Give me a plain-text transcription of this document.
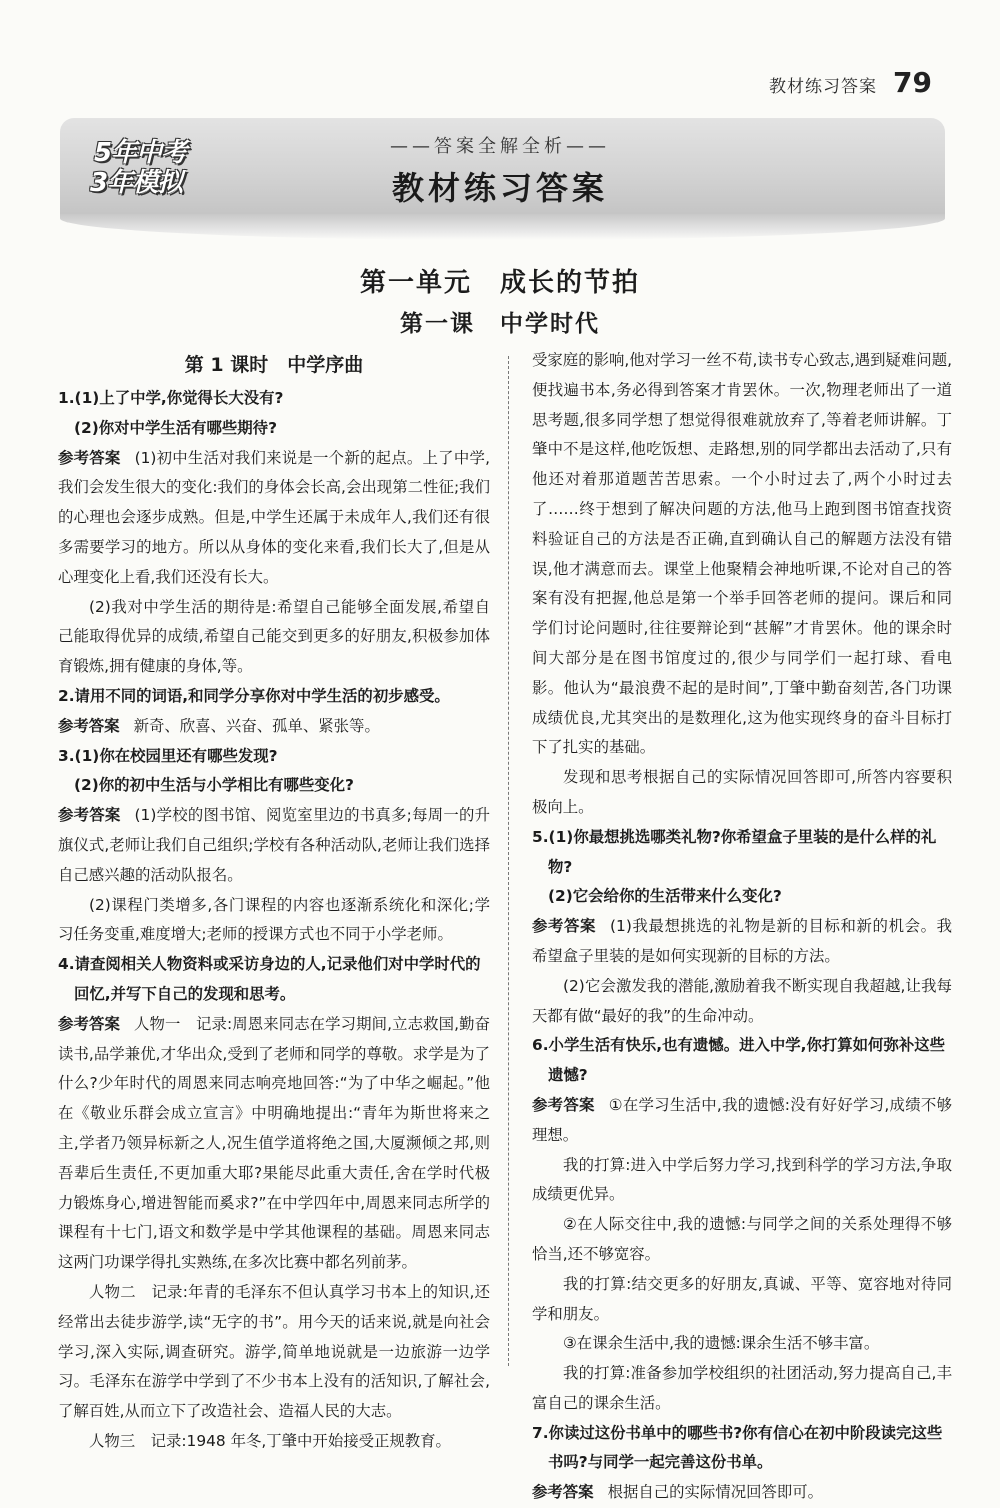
教材练习答案 79
5年中考
3年模拟
——答案全解全析——
教材练习答案
第一单元　成长的节拍
第一课　中学时代
第 1 课时　中学序曲
1.(1)上了中学,你觉得长大没有?
(2)你对中学生活有哪些期待?
参考答案 (1)初中生活对我们来说是一个新的起点。上了中学,我们会发生很大的变化:我们的身体会长高,会出现第二性征;我们的心理也会逐步成熟。但是,中学生还属于未成年人,我们还有很多需要学习的地方。所以从身体的变化来看,我们长大了,但是从心理变化上看,我们还没有长大。
(2)我对中学生活的期待是:希望自己能够全面发展,希望自己能取得优异的成绩,希望自己能交到更多的好朋友,积极参加体育锻炼,拥有健康的身体,等。
2.请用不同的词语,和同学分享你对中学生活的初步感受。
参考答案 新奇、欣喜、兴奋、孤单、紧张等。
3.(1)你在校园里还有哪些发现?
(2)你的初中生活与小学相比有哪些变化?
参考答案 (1)学校的图书馆、阅览室里边的书真多;每周一的升旗仪式,老师让我们自己组织;学校有各种活动队,老师让我们选择自己感兴趣的活动队报名。
(2)课程门类增多,各门课程的内容也逐渐系统化和深化;学习任务变重,难度增大;老师的授课方式也不同于小学老师。
4.请查阅相关人物资料或采访身边的人,记录他们对中学时代的回忆,并写下自己的发现和思考。
参考答案 人物一　记录:周恩来同志在学习期间,立志救国,勤奋读书,品学兼优,才华出众,受到了老师和同学的尊敬。求学是为了什么?少年时代的周恩来同志响亮地回答:“为了中华之崛起。”他在《敬业乐群会成立宣言》中明确地提出:“青年为斯世将来之主,学者乃领异标新之人,况生值学道将绝之国,大厦濒倾之邦,则吾辈后生责任,不更加重大耶?果能尽此重大责任,舍在学时代极力锻炼身心,增进智能而奚求?”在中学四年中,周恩来同志所学的课程有十七门,语文和数学是中学其他课程的基础。周恩来同志这两门功课学得扎实熟练,在多次比赛中都名列前茅。
人物二　记录:年青的毛泽东不但认真学习书本上的知识,还经常出去徒步游学,读“无字的书”。用今天的话来说,就是向社会学习,深入实际,调查研究。游学,简单地说就是一边旅游一边学习。毛泽东在游学中学到了不少书本上没有的活知识,了解社会,了解百姓,从而立下了改造社会、造福人民的大志。
人物三　记录:1948 年冬,丁肇中开始接受正规教育。
受家庭的影响,他对学习一丝不苟,读书专心致志,遇到疑难问题,便找遍书本,务必得到答案才肯罢休。一次,物理老师出了一道思考题,很多同学想了想觉得很难就放弃了,等着老师讲解。丁肇中不是这样,他吃饭想、走路想,别的同学都出去活动了,只有他还对着那道题苦苦思索。一个小时过去了,两个小时过去了……终于想到了解决问题的方法,他马上跑到图书馆查找资料验证自己的方法是否正确,直到确认自己的解题方法没有错误,他才满意而去。课堂上他聚精会神地听课,不论对自己的答案有没有把握,他总是第一个举手回答老师的提问。课后和同学们讨论问题时,往往要辩论到“甚解”才肯罢休。他的课余时间大部分是在图书馆度过的,很少与同学们一起打球、看电影。他认为“最浪费不起的是时间”,丁肇中勤奋刻苦,各门功课成绩优良,尤其突出的是数理化,这为他实现终身的奋斗目标打下了扎实的基础。
发现和思考根据自己的实际情况回答即可,所答内容要积极向上。
5.(1)你最想挑选哪类礼物?你希望盒子里装的是什么样的礼物?
(2)它会给你的生活带来什么变化?
参考答案 (1)我最想挑选的礼物是新的目标和新的机会。我希望盒子里装的是如何实现新的目标的方法。
(2)它会激发我的潜能,激励着我不断实现自我超越,让我每天都有做“最好的我”的生命冲动。
6.小学生活有快乐,也有遗憾。进入中学,你打算如何弥补这些遗憾?
参考答案 ①在学习生活中,我的遗憾:没有好好学习,成绩不够理想。
我的打算:进入中学后努力学习,找到科学的学习方法,争取成绩更优异。
②在人际交往中,我的遗憾:与同学之间的关系处理得不够恰当,还不够宽容。
我的打算:结交更多的好朋友,真诚、平等、宽容地对待同学和朋友。
③在课余生活中,我的遗憾:课余生活不够丰富。
我的打算:准备参加学校组织的社团活动,努力提高自己,丰富自己的课余生活。
7.你读过这份书单中的哪些书?你有信心在初中阶段读完这些书吗?与同学一起完善这份书单。
参考答案 根据自己的实际情况回答即可。
